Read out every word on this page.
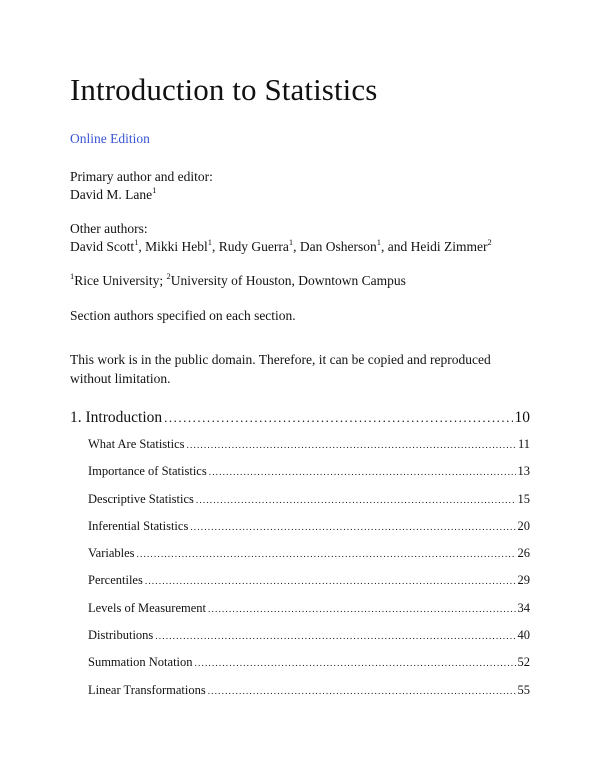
Introduction to Statistics
Online Edition
Primary author and editor:
David M. Lane$^1$
Other authors:
David Scott$^1$, Mikki Hebl$^1$, Rudy Guerra$^1$, Dan Osherson$^1$, and Heidi Zimmer$^2$
$^1$Rice University; $^2$University of Houston, Downtown Campus
Section authors specified on each section.
This work is in the public domain. Therefore, it can be copied and reproduced
without limitation.
1. Introduction .....	10
What Are Statistics .....	11
Importance of Statistics .....	13
Descriptive Statistics .....	15
Inferential Statistics .....	20
Variables .....	26
Percentiles .....	29
Levels of Measurement .....	34
Distributions .....	40
Summation Notation .....	52
Linear Transformations .....	55
